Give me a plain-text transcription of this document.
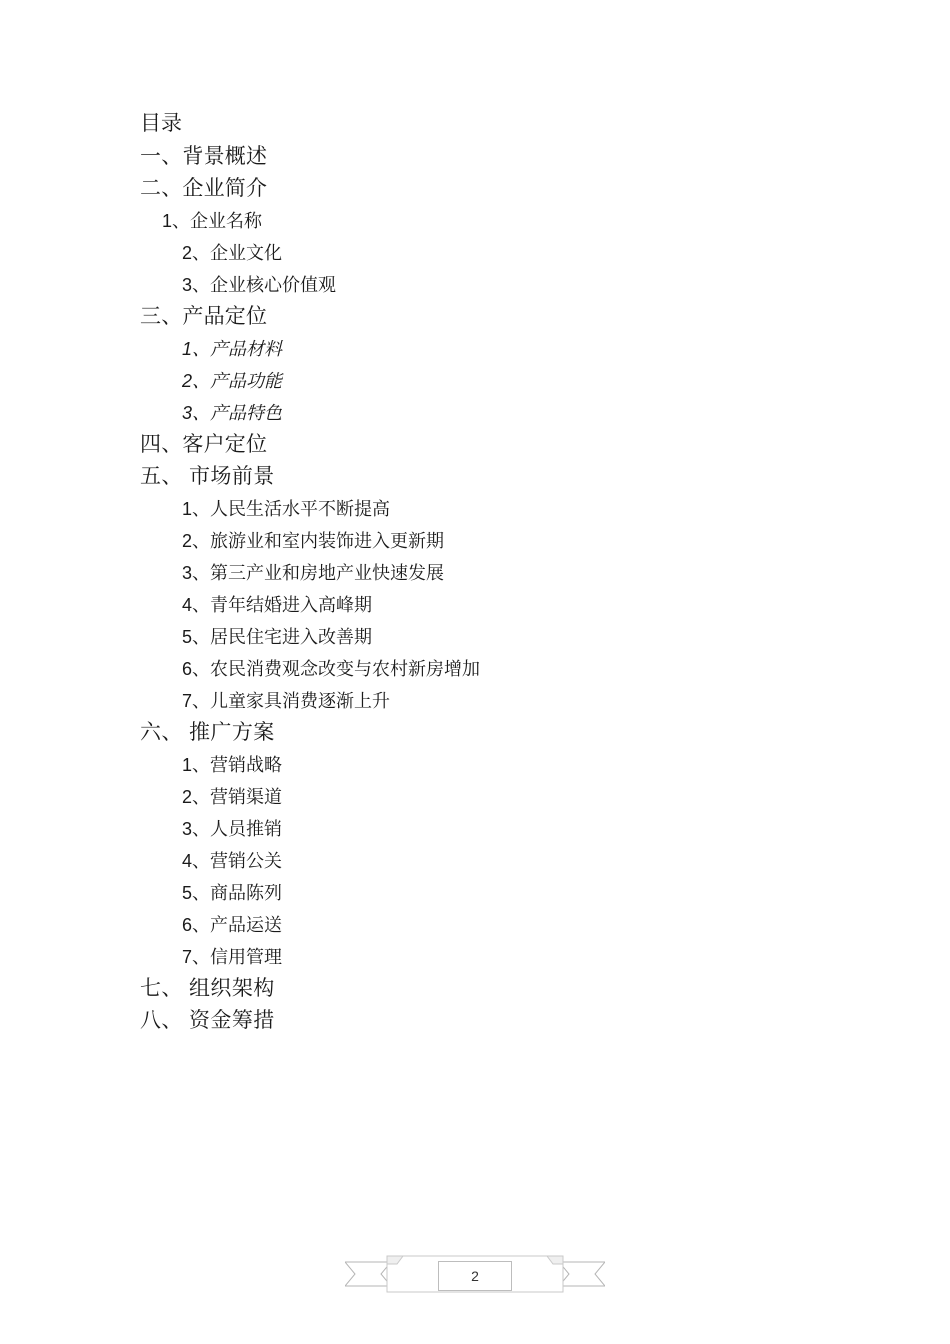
目录
一、背景概述
二、企业简介
1、企业名称
2、企业文化
3、企业核心价值观
三、产品定位
1、产品材料
2、产品功能
3、产品特色
四、客户定位
五、 市场前景
1、人民生活水平不断提高
2、旅游业和室内装饰进入更新期
3、第三产业和房地产业快速发展
4、青年结婚进入高峰期
5、居民住宅进入改善期
6、农民消费观念改变与农村新房增加
7、儿童家具消费逐渐上升
六、 推广方案
1、营销战略
2、营销渠道
3、人员推销
4、营销公关
5、商品陈列
6、产品运送
7、信用管理
七、 组织架构
八、 资金筹措
2
